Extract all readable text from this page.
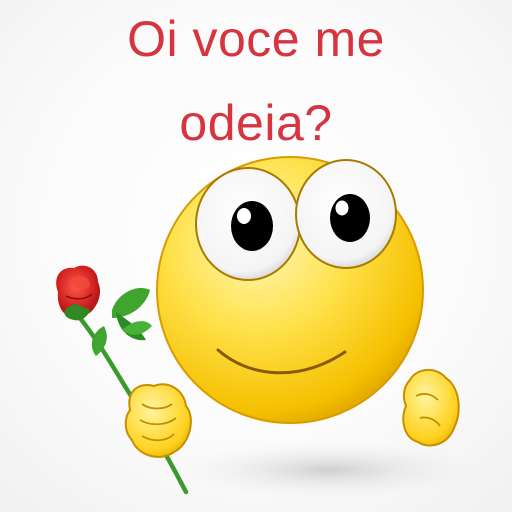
Oi voce me
odeia?
